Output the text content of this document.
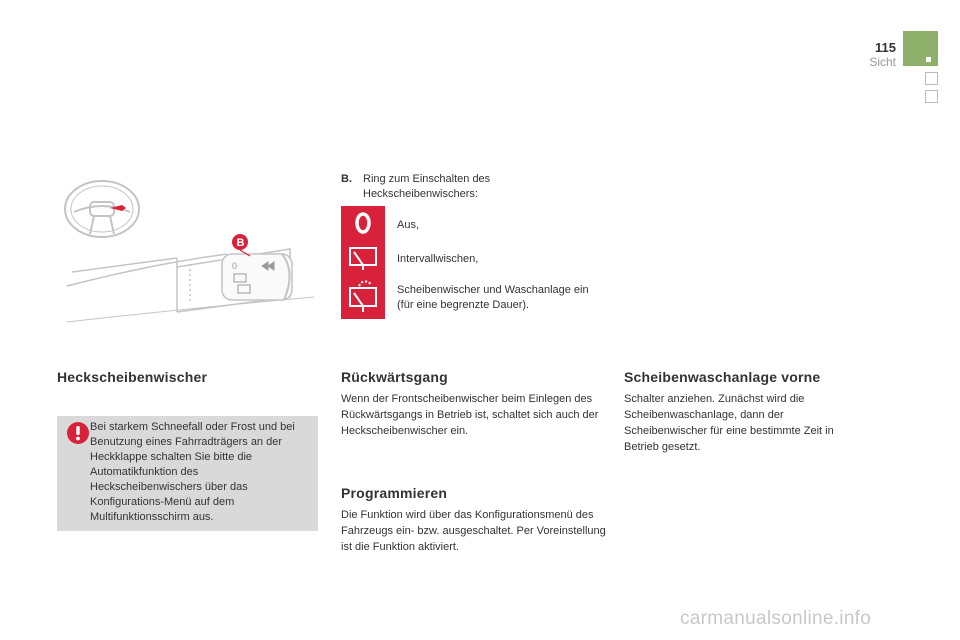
115
Sicht
0
B
B. Ring zum Einschalten des Heckscheibenwischers:
Aus,
Intervallwischen,
Scheibenwischer und Waschanlage ein (für eine begrenzte Dauer).
Heckscheibenwischer
Bei starkem Schneefall oder Frost und bei Benutzung eines Fahrradträgers an der Heckklappe schalten Sie bitte die Automatikfunktion des Heckscheibenwischers über das Konfigurations-Menü auf dem Multifunktionsschirm aus.
Rückwärtsgang
Wenn der Frontscheibenwischer beim Einlegen des Rückwärtsgangs in Betrieb ist, schaltet sich auch der Heckscheibenwischer ein.
Programmieren
Die Funktion wird über das Konfigurationsmenü des Fahrzeugs ein- bzw. ausgeschaltet. Per Voreinstellung ist die Funktion aktiviert.
Scheibenwaschanlage vorne
Schalter anziehen. Zunächst wird die Scheibenwaschanlage, dann der Scheibenwischer für eine bestimmte Zeit in Betrieb gesetzt.
carmanualsonline.info
